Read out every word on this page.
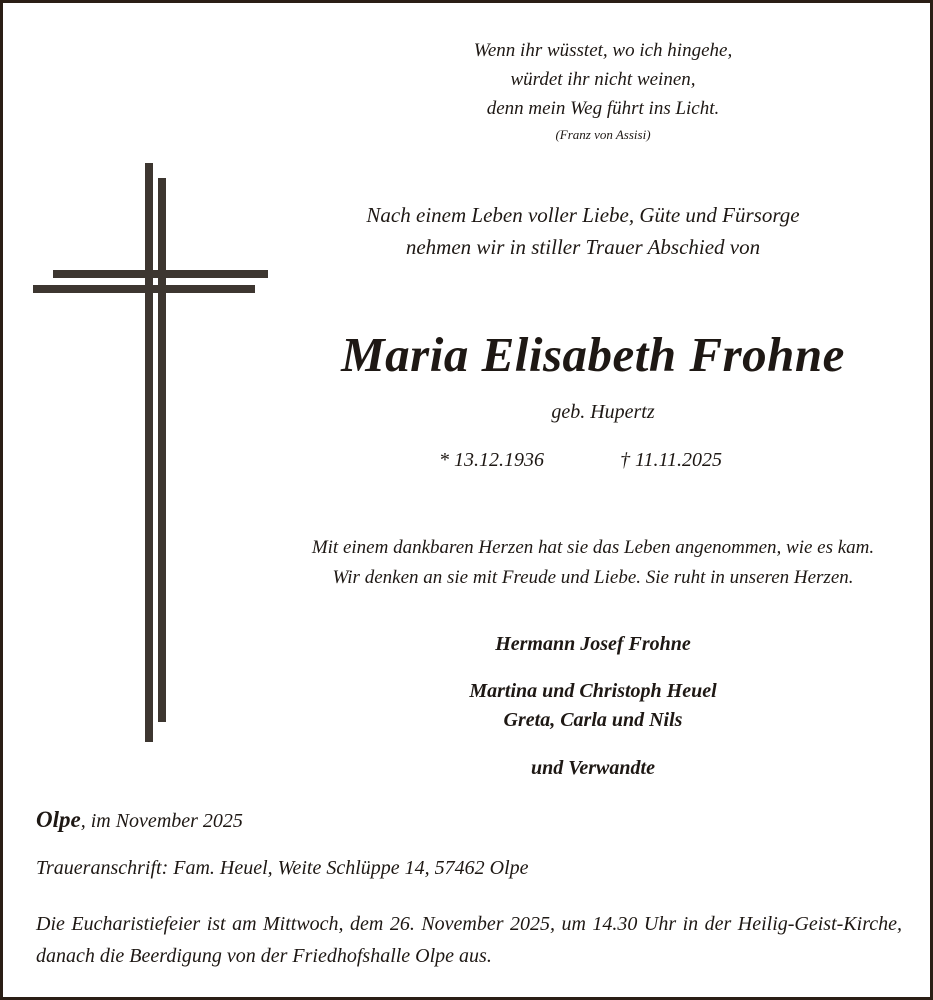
Wenn ihr wüsstet, wo ich hingehe,
würdet ihr nicht weinen,
denn mein Weg führt ins Licht.
(Franz von Assisi)
Nach einem Leben voller Liebe, Güte und Fürsorge
nehmen wir in stiller Trauer Abschied von
Maria Elisabeth Frohne
geb. Hupertz
* 13.12.1936	† 11.11.2025
Mit einem dankbaren Herzen hat sie das Leben angenommen, wie es kam.
Wir denken an sie mit Freude und Liebe. Sie ruht in unseren Herzen.
Hermann Josef Frohne
Martina und Christoph Heuel
Greta, Carla und Nils
und Verwandte
Olpe, im November 2025
Traueranschrift: Fam. Heuel, Weite Schlüppe 14, 57462 Olpe
Die Eucharistiefeier ist am Mittwoch, dem 26. November 2025, um 14.30 Uhr in der Heilig-Geist-Kirche, danach die Beerdigung von der Friedhofshalle Olpe aus.
